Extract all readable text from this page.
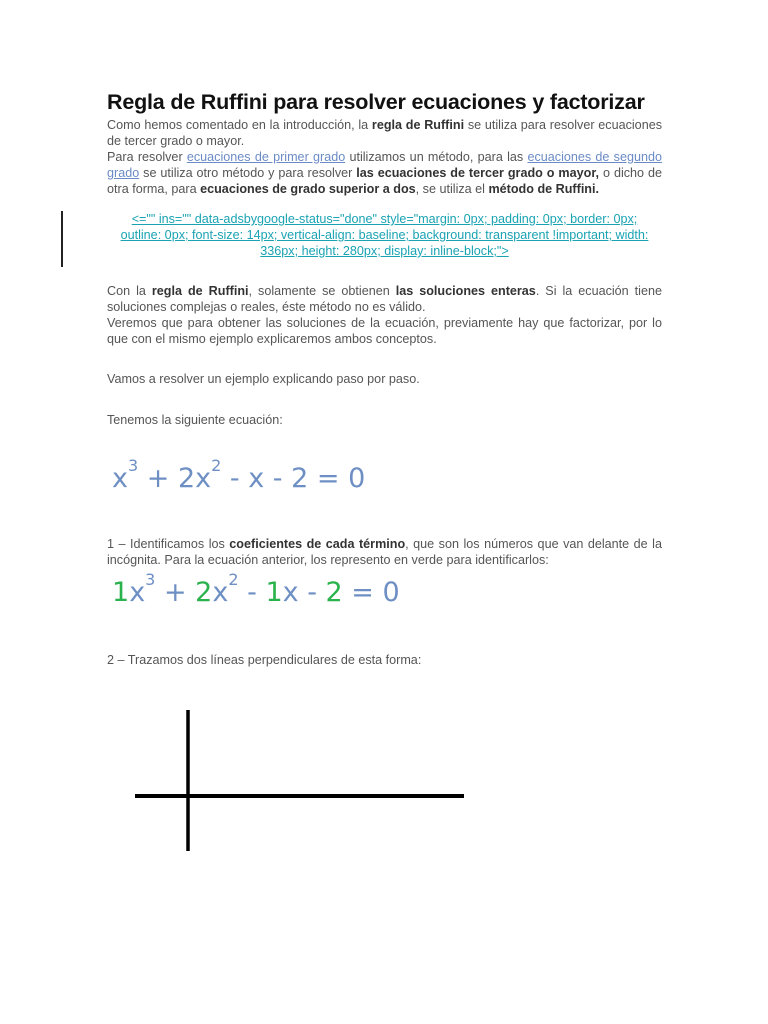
Regla de Ruffini para resolver ecuaciones y factorizar

Como hemos comentado en la introducción, la regla de Ruffini se utiliza para resolver ecuaciones de tercer grado o mayor.

Para resolver ecuaciones de primer grado utilizamos un método, para las ecuaciones de segundo grado se utiliza otro método y para resolver las ecuaciones de tercer grado o mayor, o dicho de otra forma, para ecuaciones de grado superior a dos, se utiliza el método de Ruffini.

<="" ins="" data-adsbygoogle-status="done" style="margin: 0px; padding: 0px; border: 0px;
outline: 0px; font-size: 14px; vertical-align: baseline; background: transparent !important; width:
336px; height: 280px; display: inline-block;">

Con la regla de Ruffini, solamente se obtienen las soluciones enteras. Si la ecuación tiene soluciones complejas o reales, éste método no es válido.

Veremos que para obtener las soluciones de la ecuación, previamente hay que factorizar, por lo que con el mismo ejemplo explicaremos ambos conceptos.

Vamos a resolver un ejemplo explicando paso por paso.

Tenemos la siguiente ecuación:

$x^3 + 2x^2 - x - 2 = 0$

1 – Identificamos los coeficientes de cada término, que son los números que van delante de la incógnita. Para la ecuación anterior, los represento en verde para identificarlos:

$1x^3 + 2x^2 - 1x - 2 = 0$

2 – Trazamos dos líneas perpendiculares de esta forma:
